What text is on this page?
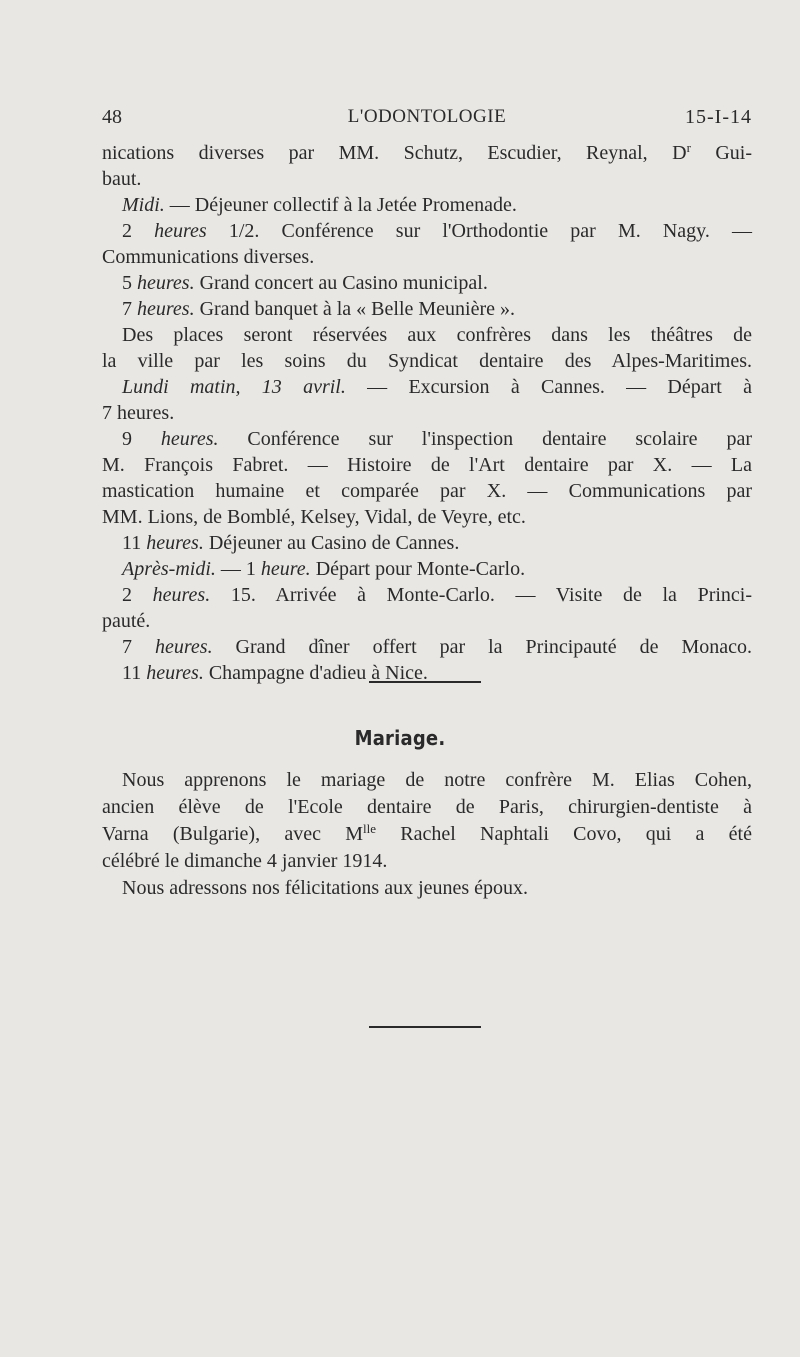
48	L'ODONTOLOGIE	15-I-14
nications diverses par MM. Schutz, Escudier, Reynal, $D^r$ Gui-
baut.
Midi. — Déjeuner collectif à la Jetée Promenade.
2 heures 1/2. Conférence sur l'Orthodontie par M. Nagy. —
Communications diverses.
5 heures. Grand concert au Casino municipal.
7 heures. Grand banquet à la « Belle Meunière ».
Des places seront réservées aux confrères dans les théâtres de
la ville par les soins du Syndicat dentaire des Alpes-Maritimes.
Lundi matin, 13 avril. — Excursion à Cannes. — Départ à
7 heures.
9 heures. Conférence sur l'inspection dentaire scolaire par
M. François Fabret. — Histoire de l'Art dentaire par X. — La
mastication humaine et comparée par X. — Communications par
MM. Lions, de Bomblé, Kelsey, Vidal, de Veyre, etc.
11 heures. Déjeuner au Casino de Cannes.
Après-midi. — 1 heure. Départ pour Monte-Carlo.
2 heures. 15. Arrivée à Monte-Carlo. — Visite de la Princi-
pauté.
7 heures. Grand dîner offert par la Principauté de Monaco.
11 heures. Champagne d'adieu à Nice.
Mariage.
Nous apprenons le mariage de notre confrère M. Elias Cohen,
ancien élève de l'Ecole dentaire de Paris, chirurgien-dentiste à
Varna (Bulgarie), avec $M^{lle}$ Rachel Naphtali Covo, qui a été
célébré le dimanche 4 janvier 1914.
Nous adressons nos félicitations aux jeunes époux.
